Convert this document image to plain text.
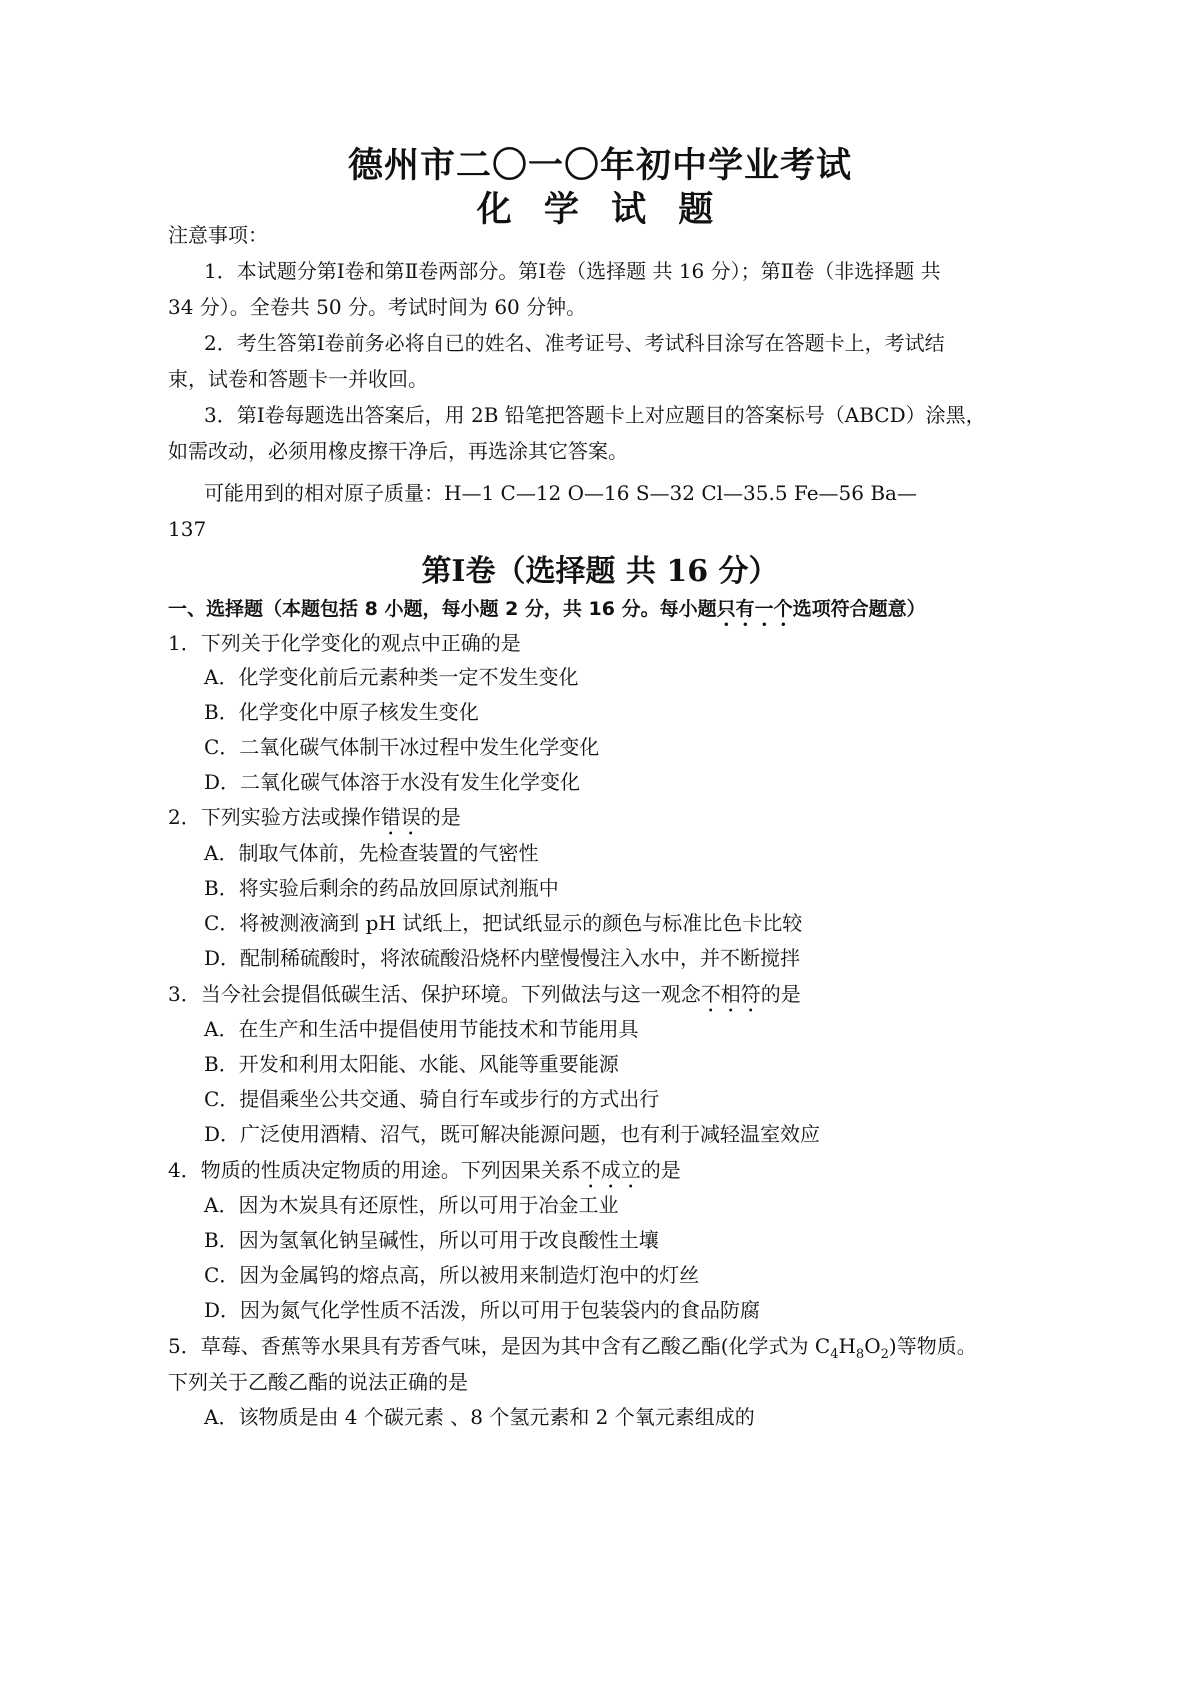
德州市二〇一〇年初中学业考试
化 学 试 题
注意事项：
1．本试题分第Ⅰ卷和第Ⅱ卷两部分。第Ⅰ卷（选择题 共 16 分）；第Ⅱ卷（非选择题 共
34 分）。全卷共 50 分。考试时间为 60 分钟。
2．考生答第Ⅰ卷前务必将自已的姓名、准考证号、考试科目涂写在答题卡上，考试结
束，试卷和答题卡一并收回。
3．第Ⅰ卷每题选出答案后，用 2B 铅笔把答题卡上对应题目的答案标号（ABCD）涂黑，
如需改动，必须用橡皮擦干净后，再选涂其它答案。
可能用到的相对原子质量：H—1 C—12 O—16 S—32 Cl—35.5 Fe—56 Ba—
137
第Ⅰ卷（选择题 共 16 分）
一、选择题（本题包括 8 小题，每小题 2 分，共 16 分。每小题只有一个选项符合题意）
1．下列关于化学变化的观点中正确的是
A．化学变化前后元素种类一定不发生变化
B．化学变化中原子核发生变化
C．二氧化碳气体制干冰过程中发生化学变化
D．二氧化碳气体溶于水没有发生化学变化
2．下列实验方法或操作错误的是
A．制取气体前，先检查装置的气密性
B．将实验后剩余的药品放回原试剂瓶中
C．将被测液滴到 pH 试纸上，把试纸显示的颜色与标准比色卡比较
D．配制稀硫酸时，将浓硫酸沿烧杯内壁慢慢注入水中，并不断搅拌
3．当今社会提倡低碳生活、保护环境。下列做法与这一观念不相符的是
A．在生产和生活中提倡使用节能技术和节能用具
B．开发和利用太阳能、水能、风能等重要能源
C．提倡乘坐公共交通、骑自行车或步行的方式出行
D．广泛使用酒精、沼气，既可解决能源问题，也有利于减轻温室效应
4．物质的性质决定物质的用途。下列因果关系不成立的是
A．因为木炭具有还原性，所以可用于冶金工业
B．因为氢氧化钠呈碱性，所以可用于改良酸性土壤
C．因为金属钨的熔点高，所以被用来制造灯泡中的灯丝
D．因为氮气化学性质不活泼，所以可用于包装袋内的食品防腐
5．草莓、香蕉等水果具有芳香气味，是因为其中含有乙酸乙酯(化学式为 $C_4H_8O_2$)等物质。
下列关于乙酸乙酯的说法正确的是
A．该物质是由 4 个碳元素 、8 个氢元素和 2 个氧元素组成的
